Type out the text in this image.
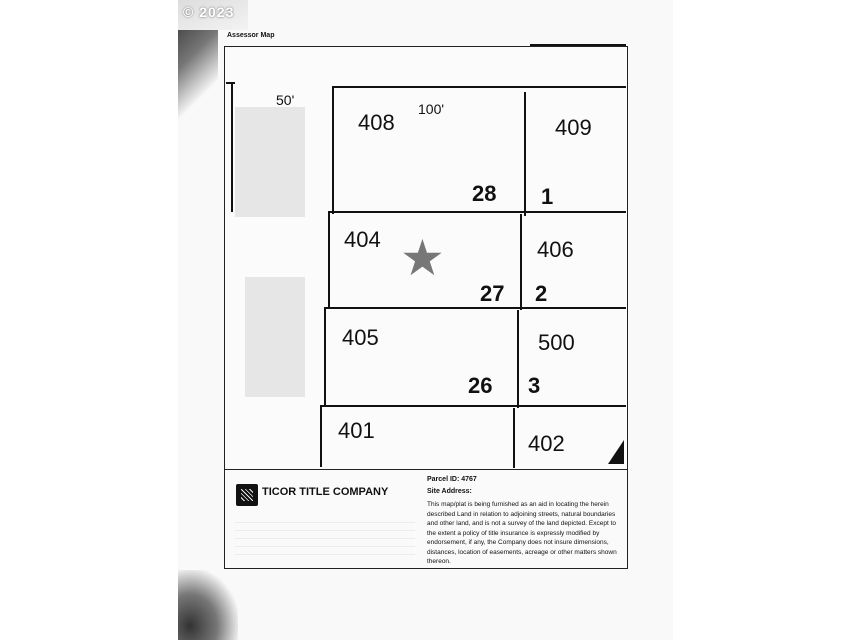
© 2023
Assessor Map
50'
100'
408
28
409
1
404
27
406
2
405
26
500
3
401
402
★
TICOR TITLE COMPANY
Parcel ID: 4767
Site Address:
This map/plat is being furnished as an aid in locating the herein described Land in relation to adjoining streets, natural boundaries and other land, and is not a survey of the land depicted. Except to the extent a policy of title insurance is expressly modified by endorsement, if any, the Company does not insure dimensions, distances, location of easements, acreage or other matters shown thereon.
